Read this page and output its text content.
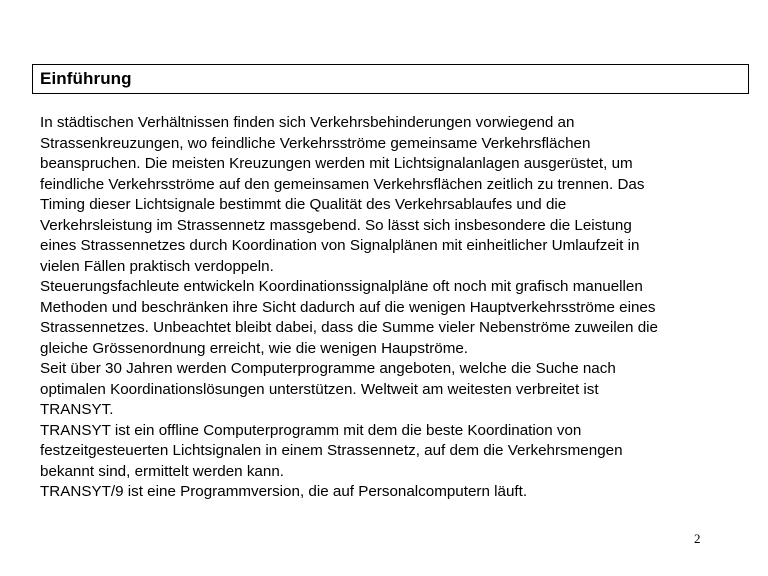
Einführung
In städtischen Verhältnissen finden sich Verkehrsbehinderungen vorwiegend an
Strassenkreuzungen, wo feindliche Verkehrsströme gemeinsame Verkehrsflächen
beanspruchen. Die meisten Kreuzungen werden mit Lichtsignalanlagen ausgerüstet, um
feindliche Verkehrsströme auf den gemeinsamen Verkehrsflächen zeitlich zu trennen. Das
Timing dieser Lichtsignale bestimmt die Qualität des Verkehrsablaufes und die
Verkehrsleistung im Strassennetz massgebend. So lässt sich insbesondere die Leistung
eines Strassennetzes durch Koordination von Signalplänen mit einheitlicher Umlaufzeit in
vielen Fällen praktisch verdoppeln.
Steuerungsfachleute entwickeln Koordinationssignalpläne oft noch mit grafisch manuellen
Methoden und beschränken ihre Sicht dadurch auf die wenigen Hauptverkehrsströme eines
Strassennetzes. Unbeachtet bleibt dabei, dass die Summe vieler Nebenströme zuweilen die
gleiche Grössenordnung erreicht, wie die wenigen Haupströme.
Seit über 30 Jahren werden Computerprogramme angeboten, welche die Suche nach
optimalen Koordinationslösungen unterstützen. Weltweit am weitesten verbreitet ist
TRANSYT.
TRANSYT ist ein offline Computerprogramm mit dem die beste Koordination von
festzeitgesteuerten Lichtsignalen in einem Strassennetz, auf dem die Verkehrsmengen
bekannt sind, ermittelt werden kann.
TRANSYT/9 ist eine Programmversion, die auf Personalcomputern läuft.
2
